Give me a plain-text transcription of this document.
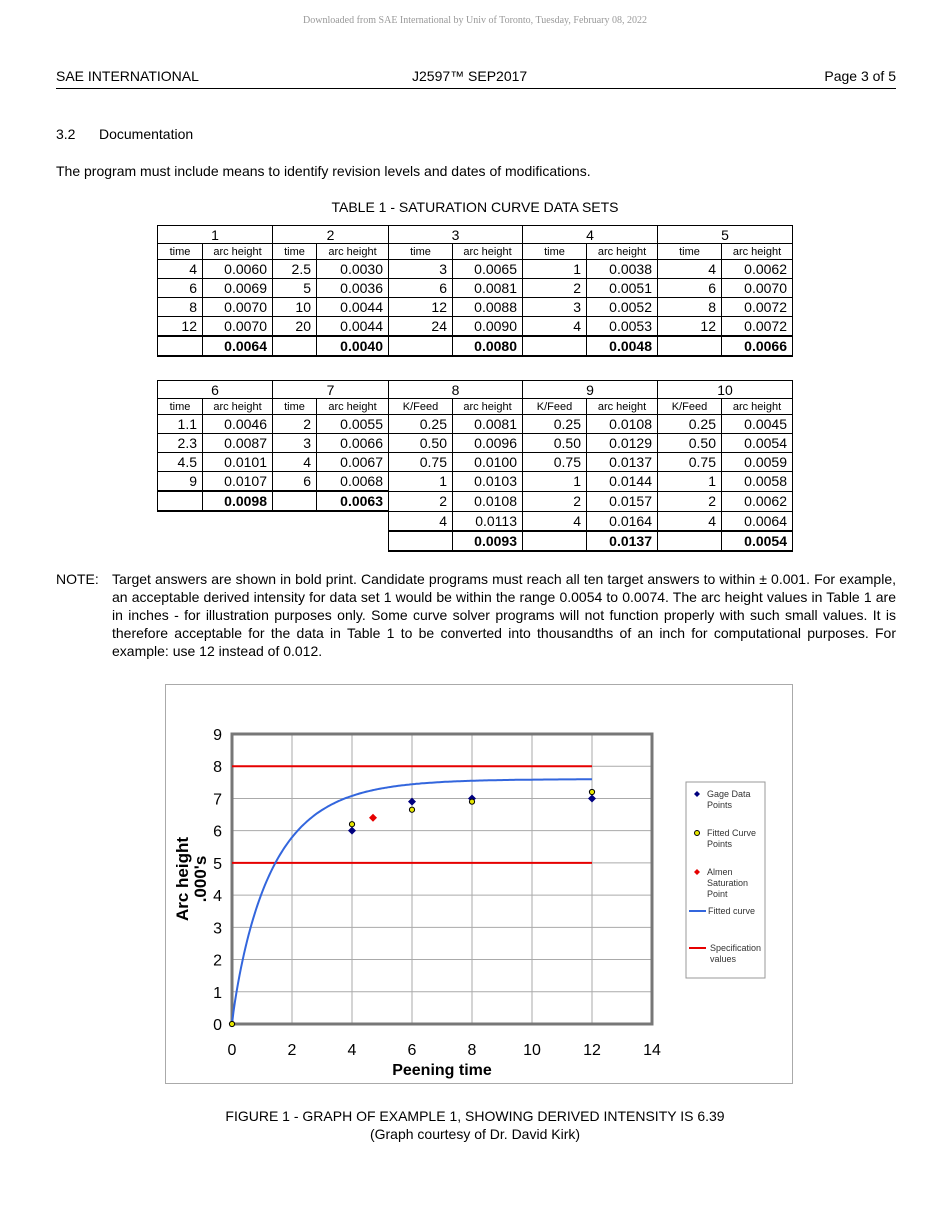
Downloaded from SAE International by Univ of Toronto, Tuesday, February 08, 2022
SAE INTERNATIONAL	J2597™ SEP2017	Page 3 of 5
3.2 Documentation
The program must include means to identify revision levels and dates of modifications.
TABLE 1 - SATURATION CURVE DATA SETS
1		2		3		4		5	
time	arc height	time	arc height	time	arc height	time	arc height	time	arc height
4	0.0060	2.5	0.0030	3	0.0065	1	0.0038	4	0.0062
6	0.0069	5	0.0036	6	0.0081	2	0.0051	6	0.0070
8	0.0070	10	0.0044	12	0.0088	3	0.0052	8	0.0072
12	0.0070	20	0.0044	24	0.0090	4	0.0053	12	0.0072
	0.0064		0.0040		0.0080		0.0048		0.0066
6		7		8		9		10	
time	arc height	time	arc height	K/Feed	arc height	K/Feed	arc height	K/Feed	arc height
1.1	0.0046	2	0.0055	0.25	0.0081	0.25	0.0108	0.25	0.0045
2.3	0.0087	3	0.0066	0.50	0.0096	0.50	0.0129	0.50	0.0054
4.5	0.0101	4	0.0067	0.75	0.0100	0.75	0.0137	0.75	0.0059
9	0.0107	6	0.0068	1	0.0103	1	0.0144	1	0.0058
	0.0098		0.0063	2	0.0108	2	0.0157	2	0.0062
				4	0.0113	4	0.0164	4	0.0064
					0.0093		0.0137		0.0054
NOTE: Target answers are shown in bold print. Candidate programs must reach all ten target answers to within ± 0.001. For example, an acceptable derived intensity for data set 1 would be within the range 0.0054 to 0.0074. The arc height values in Table 1 are in inches - for illustration purposes only. Some curve solver programs will not function properly with such small values. It is therefore acceptable for the data in Table 1 to be converted into thousandths of an inch for computational purposes. For example: use 12 instead of 0.012.
0	2	4	6	8	10	12	14
0
1
2
3
4
5
6
7
8
9
Peening time
Arc height .000's
Gage Data
Points
Fitted Curve
Points
Almen
Saturation
Point
Fitted curve
Specification
values
FIGURE 1 - GRAPH OF EXAMPLE 1, SHOWING DERIVED INTENSITY IS 6.39
(Graph courtesy of Dr. David Kirk)
